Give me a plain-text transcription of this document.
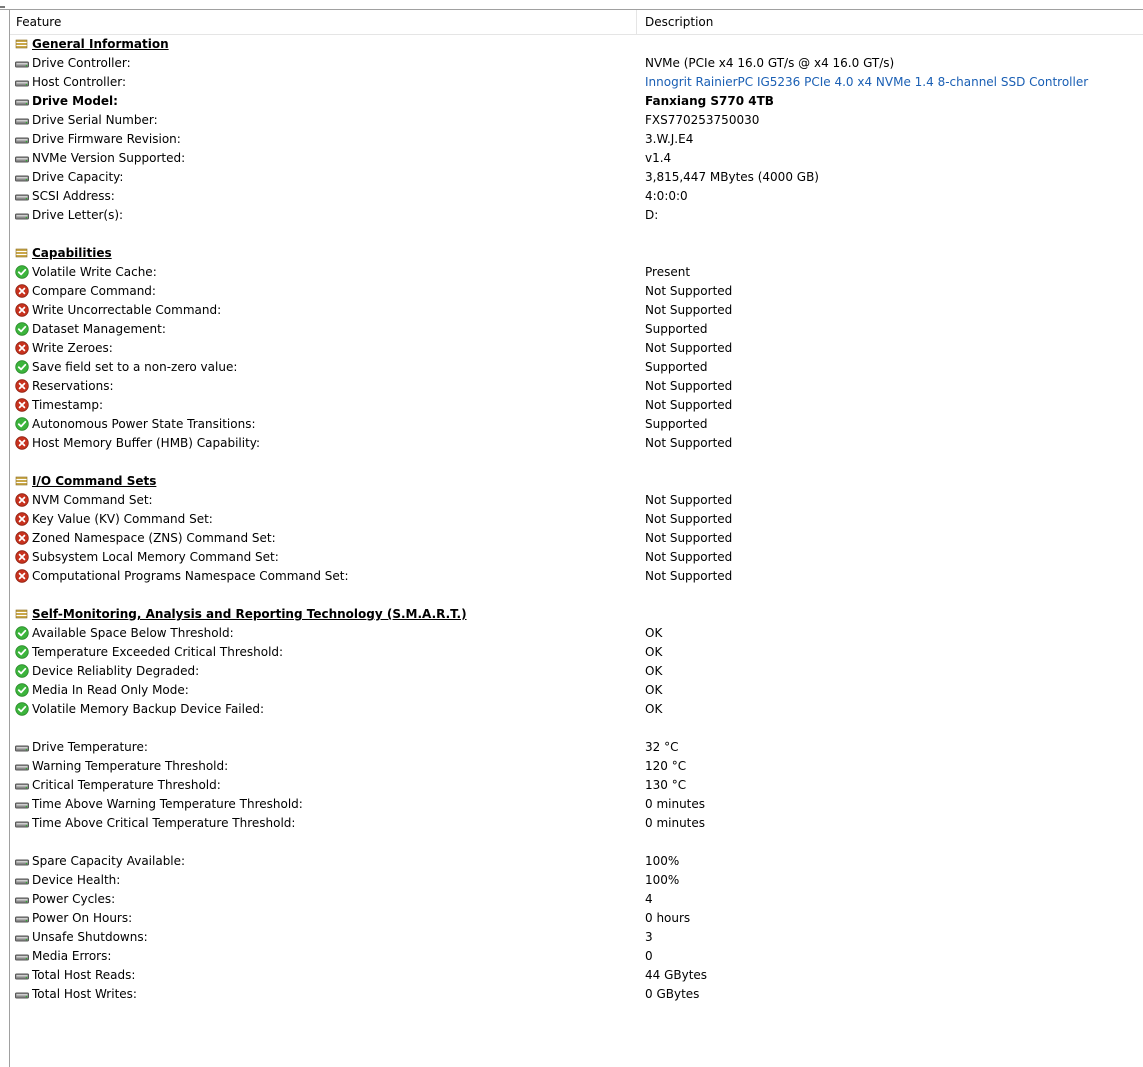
Feature	Description
General Information
Drive Controller:	NVMe (PCIe x4 16.0 GT/s @ x4 16.0 GT/s)
Host Controller:	Innogrit RainierPC IG5236 PCIe 4.0 x4 NVMe 1.4 8-channel SSD Controller
Drive Model:	Fanxiang S770 4TB
Drive Serial Number:	FXS770253750030
Drive Firmware Revision:	3.W.J.E4
NVMe Version Supported:	v1.4
Drive Capacity:	3,815,447 MBytes (4000 GB)
SCSI Address:	4:0:0:0
Drive Letter(s):	D:
Capabilities
Volatile Write Cache:	Present
Compare Command:	Not Supported
Write Uncorrectable Command:	Not Supported
Dataset Management:	Supported
Write Zeroes:	Not Supported
Save field set to a non-zero value:	Supported
Reservations:	Not Supported
Timestamp:	Not Supported
Autonomous Power State Transitions:	Supported
Host Memory Buffer (HMB) Capability:	Not Supported
I/O Command Sets
NVM Command Set:	Not Supported
Key Value (KV) Command Set:	Not Supported
Zoned Namespace (ZNS) Command Set:	Not Supported
Subsystem Local Memory Command Set:	Not Supported
Computational Programs Namespace Command Set:	Not Supported
Self-Monitoring, Analysis and Reporting Technology (S.M.A.R.T.)
Available Space Below Threshold:	OK
Temperature Exceeded Critical Threshold:	OK
Device Reliablity Degraded:	OK
Media In Read Only Mode:	OK
Volatile Memory Backup Device Failed:	OK
Drive Temperature:	32 °C
Warning Temperature Threshold:	120 °C
Critical Temperature Threshold:	130 °C
Time Above Warning Temperature Threshold:	0 minutes
Time Above Critical Temperature Threshold:	0 minutes
Spare Capacity Available:	100%
Device Health:	100%
Power Cycles:	4
Power On Hours:	0 hours
Unsafe Shutdowns:	3
Media Errors:	0
Total Host Reads:	44 GBytes
Total Host Writes:	0 GBytes
